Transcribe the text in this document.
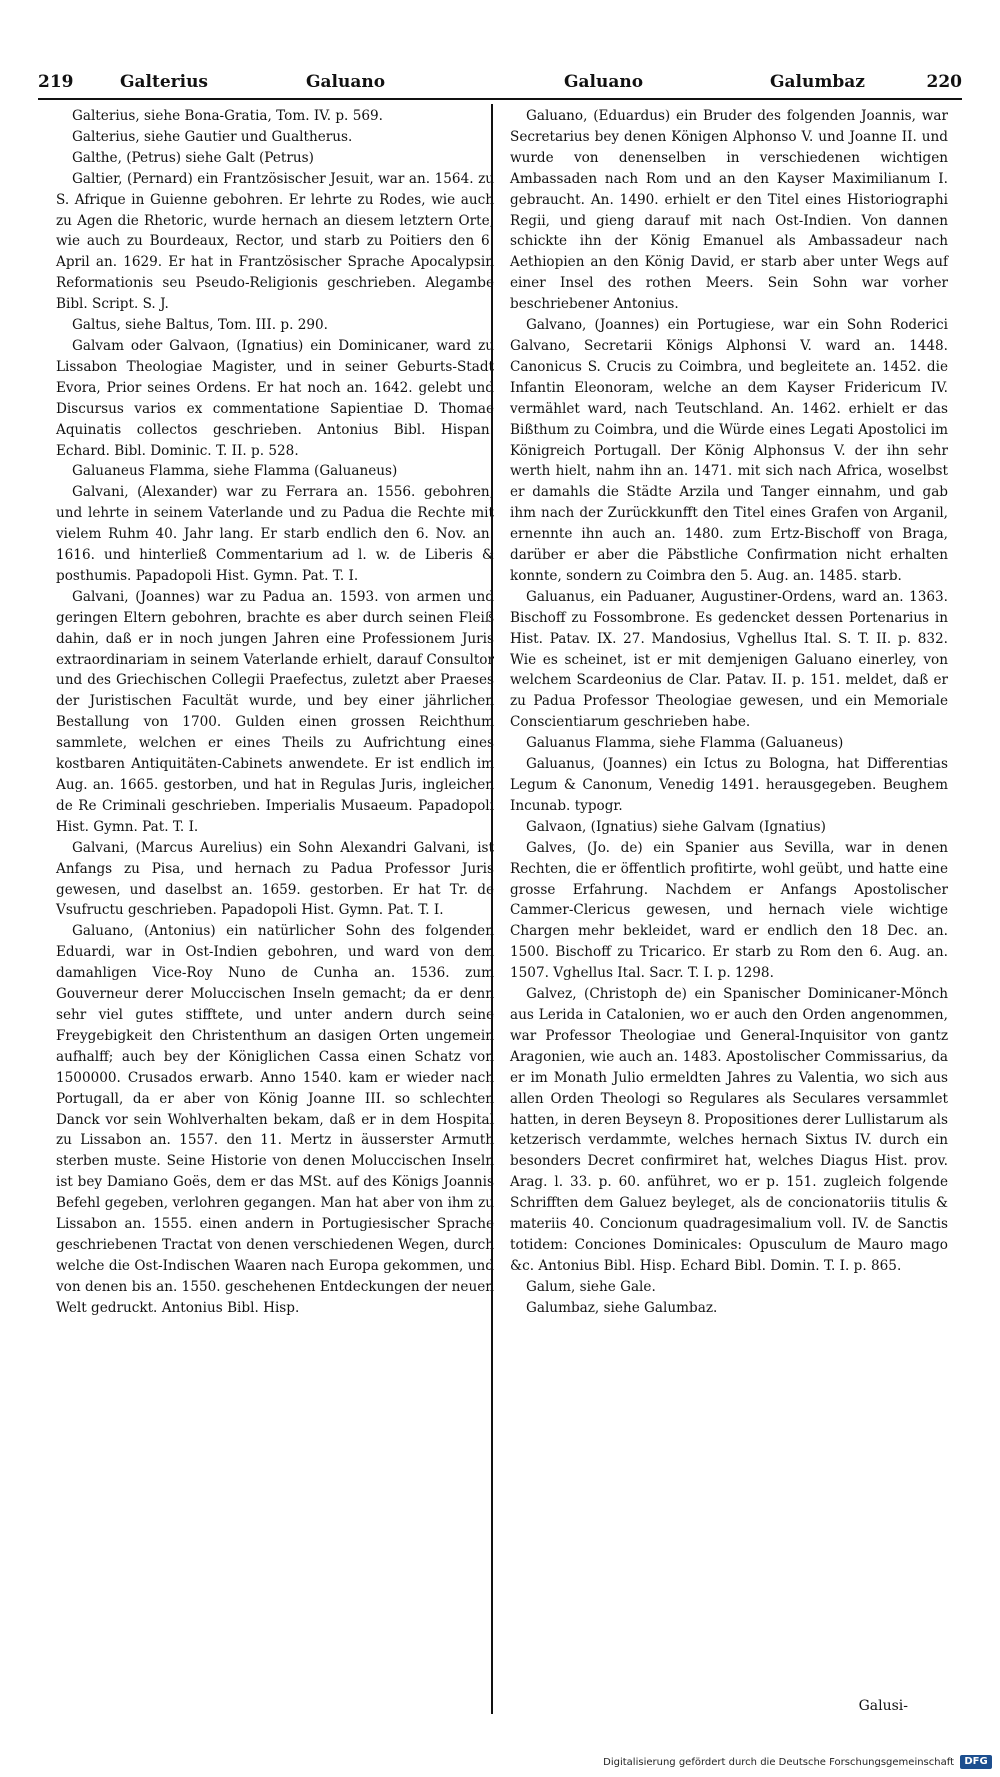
219	Galterius	Galuano	Galuano	Galumbaz	220

Galterius, siehe Bona-Gratia, Tom. IV. p. 569.

Galterius, siehe Gautier und Gualtherus.

Galthe, (Petrus) siehe Galt (Petrus)

Galtier, (Pernard) ein Frantzösischer Jesuit, war an. 1564. zu S. Afrique in Guienne gebohren. Er lehrte zu Rodes, wie auch zu Agen die Rhetoric, wurde hernach an diesem letztern Orte, wie auch zu Bourdeaux, Rector, und starb zu Poitiers den 6. April an. 1629. Er hat in Frantzösischer Sprache Apocalypsin Reformationis seu Pseudo-Religionis geschrieben. Alegambe Bibl. Script. S. J.

Galtus, siehe Baltus, Tom. III. p. 290.

Galvam oder Galvaon, (Ignatius) ein Dominicaner, ward zu Lissabon Theologiae Magister, und in seiner Geburts-Stadt Evora, Prior seines Ordens. Er hat noch an. 1642. gelebt und Discursus varios ex commentatione Sapientiae D. Thomae Aquinatis collectos geschrieben. Antonius Bibl. Hispan. Echard. Bibl. Dominic. T. II. p. 528.

Galuaneus Flamma, siehe Flamma (Galuaneus)

Galvani, (Alexander) war zu Ferrara an. 1556. gebohren, und lehrte in seinem Vaterlande und zu Padua die Rechte mit vielem Ruhm 40. Jahr lang. Er starb endlich den 6. Nov. an. 1616. und hinterließ Commentarium ad l. w. de Liberis & posthumis. Papadopoli Hist. Gymn. Pat. T. I.

Galvani, (Joannes) war zu Padua an. 1593. von armen und geringen Eltern gebohren, brachte es aber durch seinen Fleiß dahin, daß er in noch jungen Jahren eine Professionem Juris extraordinariam in seinem Vaterlande erhielt, darauf Consultor und des Griechischen Collegii Praefectus, zuletzt aber Praeses der Juristischen Facultät wurde, und bey einer jährlichen Bestallung von 1700. Gulden einen grossen Reichthum sammlete, welchen er eines Theils zu Aufrichtung eines kostbaren Antiquitäten-Cabinets anwendete. Er ist endlich im Aug. an. 1665. gestorben, und hat in Regulas Juris, ingleichen de Re Criminali geschrieben. Imperialis Musaeum. Papadopoli Hist. Gymn. Pat. T. I.

Galvani, (Marcus Aurelius) ein Sohn Alexandri Galvani, ist Anfangs zu Pisa, und hernach zu Padua Professor Juris gewesen, und daselbst an. 1659. gestorben. Er hat Tr. de Vsufructu geschrieben. Papadopoli Hist. Gymn. Pat. T. I.

Galuano, (Antonius) ein natürlicher Sohn des folgenden Eduardi, war in Ost-Indien gebohren, und ward von dem damahligen Vice-Roy Nuno de Cunha an. 1536. zum Gouverneur derer Moluccischen Inseln gemacht; da er denn sehr viel gutes stifftete, und unter andern durch seine Freygebigkeit den Christenthum an dasigen Orten ungemein aufhalff; auch bey der Königlichen Cassa einen Schatz von 1500000. Crusados erwarb. Anno 1540. kam er wieder nach Portugall, da er aber von König Joanne III. so schlechten Danck vor sein Wohlverhalten bekam, daß er in dem Hospital zu Lissabon an. 1557. den 11. Mertz in äusserster Armuth sterben muste. Seine Historie von denen Moluccischen Inseln ist bey Damiano Goës, dem er das MSt. auf des Königs Joannis Befehl gegeben, verlohren gegangen. Man hat aber von ihm zu Lissabon an. 1555. einen andern in Portugiesischer Sprache geschriebenen Tractat von denen verschiedenen Wegen, durch welche die Ost-Indischen Waaren nach Europa gekommen, und von denen bis an. 1550. geschehenen Entdeckungen der neuen Welt gedruckt. Antonius Bibl. Hisp.

Galuano, (Eduardus) ein Bruder des folgenden Joannis, war Secretarius bey denen Königen Alphonso V. und Joanne II. und wurde von denenselben in verschiedenen wichtigen Ambassaden nach Rom und an den Kayser Maximilianum I. gebraucht. An. 1490. erhielt er den Titel eines Historiographi Regii, und gieng darauf mit nach Ost-Indien. Von dannen schickte ihn der König Emanuel als Ambassadeur nach Aethiopien an den König David, er starb aber unter Wegs auf einer Insel des rothen Meers. Sein Sohn war vorher beschriebener Antonius.

Galvano, (Joannes) ein Portugiese, war ein Sohn Roderici Galvano, Secretarii Königs Alphonsi V. ward an. 1448. Canonicus S. Crucis zu Coimbra, und begleitete an. 1452. die Infantin Eleonoram, welche an dem Kayser Fridericum IV. vermählet ward, nach Teutschland. An. 1462. erhielt er das Bißthum zu Coimbra, und die Würde eines Legati Apostolici im Königreich Portugall. Der König Alphonsus V. der ihn sehr werth hielt, nahm ihn an. 1471. mit sich nach Africa, woselbst er damahls die Städte Arzila und Tanger einnahm, und gab ihm nach der Zurückkunfft den Titel eines Grafen von Arganil, ernennte ihn auch an. 1480. zum Ertz-Bischoff von Braga, darüber er aber die Päbstliche Confirmation nicht erhalten konnte, sondern zu Coimbra den 5. Aug. an. 1485. starb.

Galuanus, ein Paduaner, Augustiner-Ordens, ward an. 1363. Bischoff zu Fossombrone. Es gedencket dessen Portenarius in Hist. Patav. IX. 27. Mandosius, Vghellus Ital. S. T. II. p. 832. Wie es scheinet, ist er mit demjenigen Galuano einerley, von welchem Scardeonius de Clar. Patav. II. p. 151. meldet, daß er zu Padua Professor Theologiae gewesen, und ein Memoriale Conscientiarum geschrieben habe.

Galuanus Flamma, siehe Flamma (Galuaneus)

Galuanus, (Joannes) ein Ictus zu Bologna, hat Differentias Legum & Canonum, Venedig 1491. herausgegeben. Beughem Incunab. typogr.

Galvaon, (Ignatius) siehe Galvam (Ignatius)

Galves, (Jo. de) ein Spanier aus Sevilla, war in denen Rechten, die er öffentlich profitirte, wohl geübt, und hatte eine grosse Erfahrung. Nachdem er Anfangs Apostolischer Cammer-Clericus gewesen, und hernach viele wichtige Chargen mehr bekleidet, ward er endlich den 18 Dec. an. 1500. Bischoff zu Tricarico. Er starb zu Rom den 6. Aug. an. 1507. Vghellus Ital. Sacr. T. I. p. 1298.

Galvez, (Christoph de) ein Spanischer Dominicaner-Mönch aus Lerida in Catalonien, wo er auch den Orden angenommen, war Professor Theologiae und General-Inquisitor von gantz Aragonien, wie auch an. 1483. Apostolischer Commissarius, da er im Monath Julio ermeldten Jahres zu Valentia, wo sich aus allen Orden Theologi so Regulares als Seculares versammlet hatten, in deren Beyseyn 8. Propositiones derer Lullistarum als ketzerisch verdammte, welches hernach Sixtus IV. durch ein besonders Decret confirmiret hat, welches Diagus Hist. prov. Arag. l. 33. p. 60. anführet, wo er p. 151. zugleich folgende Schrifften dem Galuez beyleget, als de concionatoriis titulis & materiis 40. Concionum quadragesimalium voll. IV. de Sanctis totidem: Conciones Dominicales: Opusculum de Mauro mago &c. Antonius Bibl. Hisp. Echard Bibl. Domin. T. I. p. 865.

Galum, siehe Gale.

Galumbaz, siehe Galumbaz.

Galusi-
Digitalisierung gefördert durch die Deutsche Forschungsgemeinschaft	DFG
